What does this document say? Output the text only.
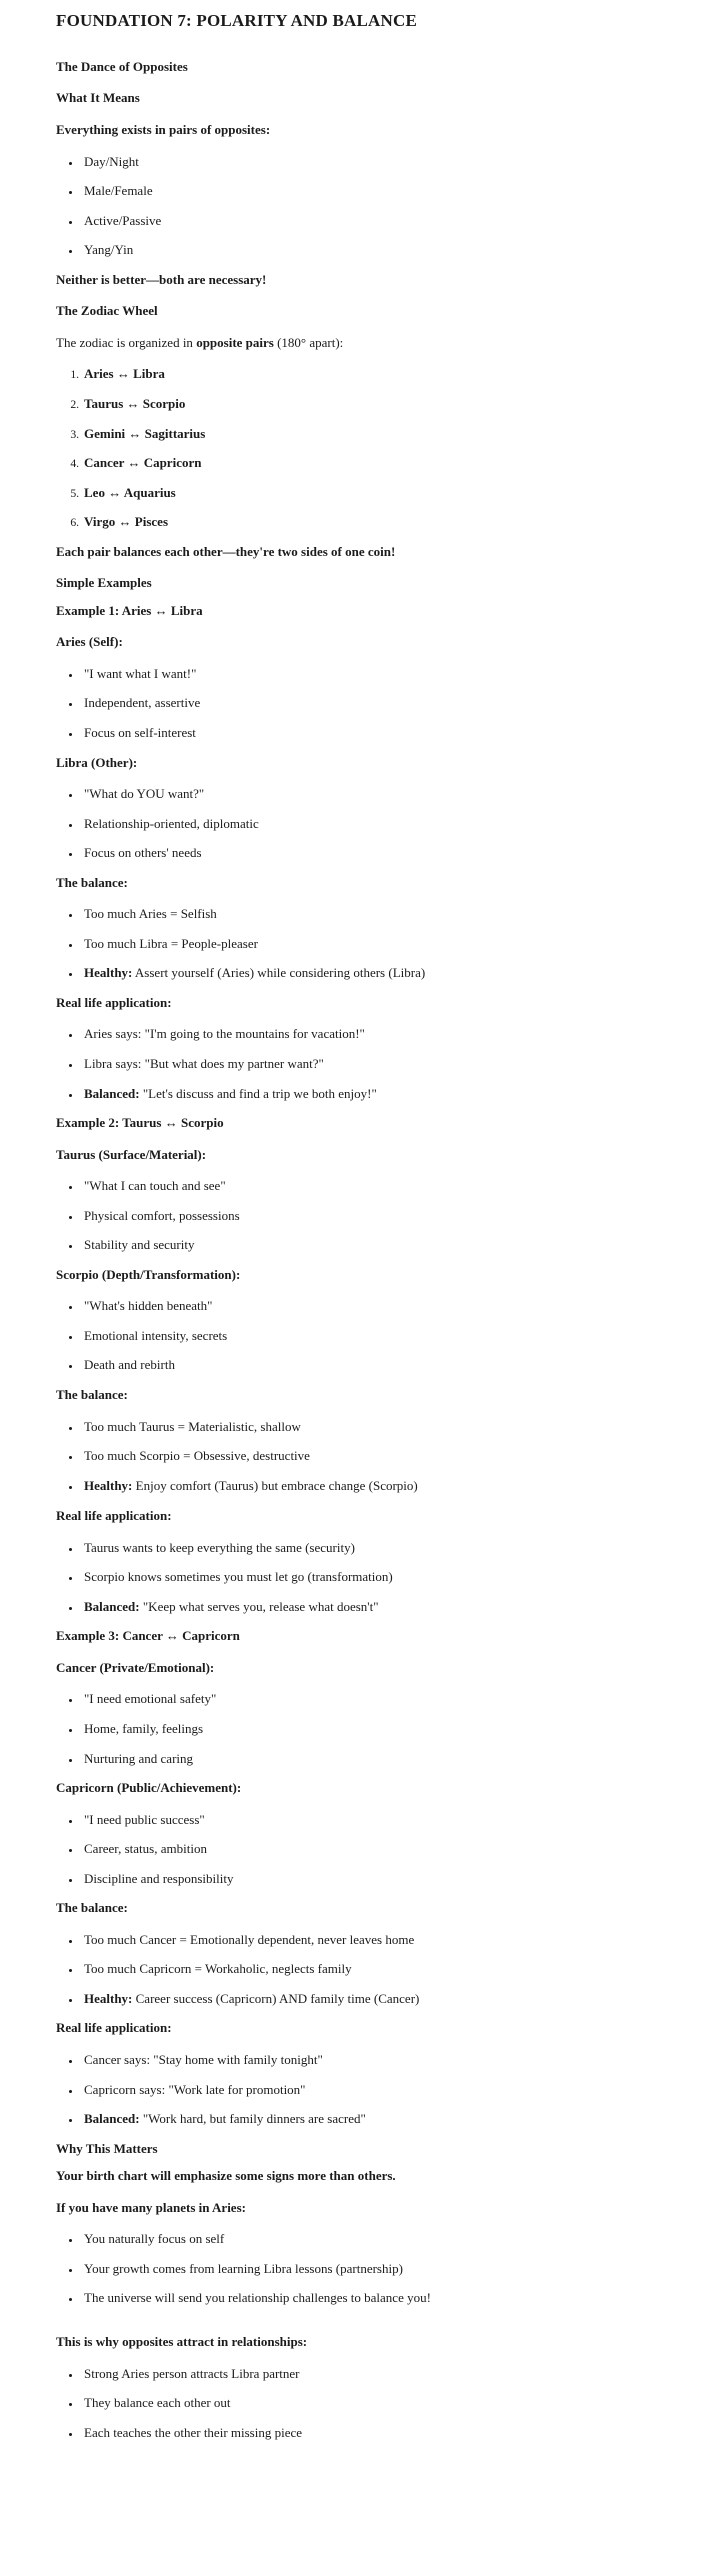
FOUNDATION 7: POLARITY AND BALANCE
The Dance of Opposites
What It Means
Everything exists in pairs of opposites:
• Day/Night
• Male/Female
• Active/Passive
• Yang/Yin
Neither is better—both are necessary!
The Zodiac Wheel

The zodiac is organized in opposite pairs (180° apart):

1. Aries ↔ Libra
2. Taurus ↔ Scorpio
3. Gemini ↔ Sagittarius
4. Cancer ↔ Capricorn
5. Leo ↔ Aquarius
6. Virgo ↔ Pisces
Each pair balances each other—they're two sides of one coin!
Simple Examples
Example 1: Aries ↔ Libra
Aries (Self):
• "I want what I want!"
• Independent, assertive
• Focus on self-interest
Libra (Other):
• "What do YOU want?"
• Relationship-oriented, diplomatic
• Focus on others' needs
The balance:
• Too much Aries = Selfish
• Too much Libra = People-pleaser
• Healthy: Assert yourself (Aries) while considering others (Libra)
Real life application:
• Aries says: "I'm going to the mountains for vacation!"
• Libra says: "But what does my partner want?"
• Balanced: "Let's discuss and find a trip we both enjoy!"
Example 2: Taurus ↔ Scorpio
Taurus (Surface/Material):
• "What I can touch and see"
• Physical comfort, possessions
• Stability and security
Scorpio (Depth/Transformation):
• "What's hidden beneath"
• Emotional intensity, secrets
• Death and rebirth
The balance:
• Too much Taurus = Materialistic, shallow
• Too much Scorpio = Obsessive, destructive
• Healthy: Enjoy comfort (Taurus) but embrace change (Scorpio)
Real life application:
• Taurus wants to keep everything the same (security)
• Scorpio knows sometimes you must let go (transformation)
• Balanced: "Keep what serves you, release what doesn't"
Example 3: Cancer ↔ Capricorn
Cancer (Private/Emotional):
• "I need emotional safety"
• Home, family, feelings
• Nurturing and caring
Capricorn (Public/Achievement):
• "I need public success"
• Career, status, ambition
• Discipline and responsibility
The balance:
• Too much Cancer = Emotionally dependent, never leaves home
• Too much Capricorn = Workaholic, neglects family
• Healthy: Career success (Capricorn) AND family time (Cancer)
Real life application:
• Cancer says: "Stay home with family tonight"
• Capricorn says: "Work late for promotion"
• Balanced: "Work hard, but family dinners are sacred"
Why This Matters
Your birth chart will emphasize some signs more than others.
If you have many planets in Aries:
• You naturally focus on self
• Your growth comes from learning Libra lessons (partnership)
• The universe will send you relationship challenges to balance you!
This is why opposites attract in relationships:
• Strong Aries person attracts Libra partner
• They balance each other out
• Each teaches the other their missing piece
